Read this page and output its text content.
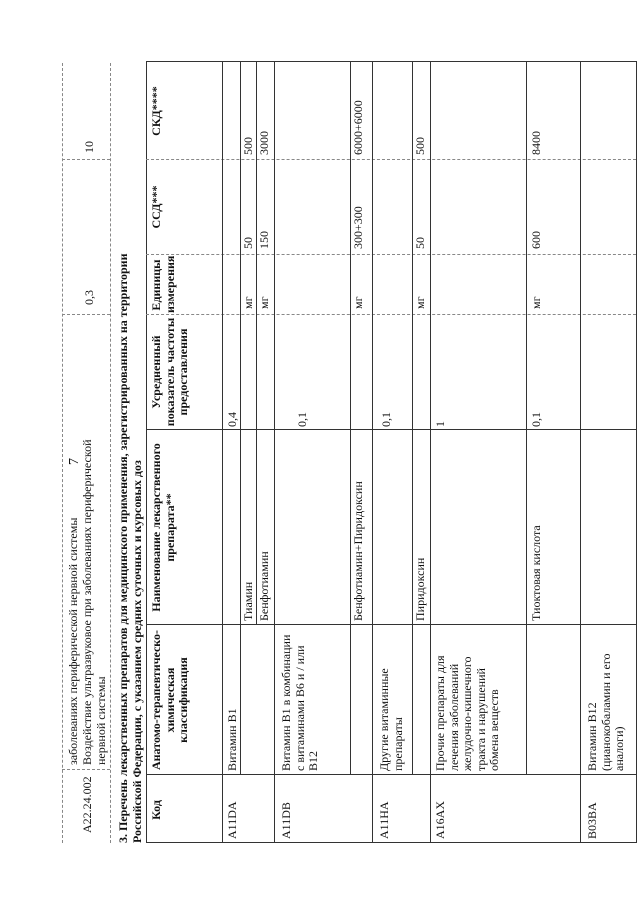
7
заболеваниях периферической нервной системы
A22.24.002
Воздействие ультразвуковое при заболеваниях периферической нервной системы
0,3
10
3. Перечень лекарственных препаратов для медицинского применения, зарегистрированных на территории Российской Федерации, с указанием средних суточных и курсовых доз Код
Анатомо-терапевтическо-химическая классификация
Наименование лекарственного препарата**
Усредненный показатель частоты предоставления
Единицы измерения
ССД***
СКД****
A11DA
Витамин B1
0,4
Тиамин
мг
50
500
Бенфотиамин
мг
150
3000
A11DB
Витамин B1 в комбинации с витаминами B6 и / или B12
0,1
Бенфотиамин+Пиридоксин
мг
300+300
6000+6000
A11HA
Другие витаминные препараты
0,1
Пиридоксин
мг
50
500
A16AX
Прочие препараты для лечения заболеваний желудочно-кишечного тракта и нарушений обмена веществ
1
Тиоктовая кислота
0,1
мг
600
8400
B03BA
Витамин B12 (цианокобаламин и его аналоги)
